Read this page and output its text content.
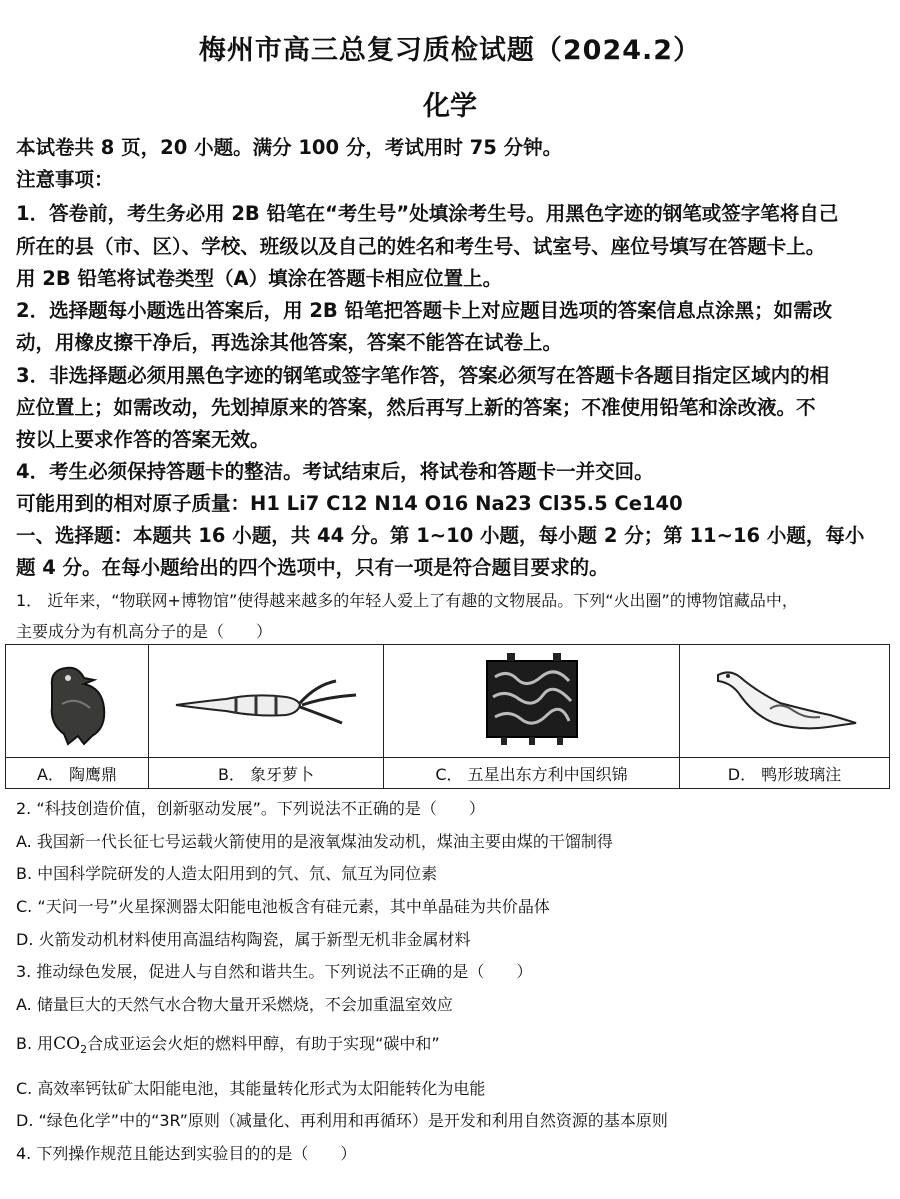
梅州市高三总复习质检试题（2024.2）
化学
本试卷共 8 页，20 小题。满分 100 分，考试用时 75 分钟。
注意事项：
1．答卷前，考生务必用 2B 铅笔在“考生号”处填涂考生号。用黑色字迹的钢笔或签字笔将自己
所在的县（市、区）、学校、班级以及自己的姓名和考生号、试室号、座位号填写在答题卡上。
用 2B 铅笔将试卷类型（A）填涂在答题卡相应位置上。
2．选择题每小题选出答案后，用 2B 铅笔把答题卡上对应题目选项的答案信息点涂黑；如需改
动，用橡皮擦干净后，再选涂其他答案，答案不能答在试卷上。
3．非选择题必须用黑色字迹的钢笔或签字笔作答，答案必须写在答题卡各题目指定区域内的相
应位置上；如需改动，先划掉原来的答案，然后再写上新的答案；不准使用铅笔和涂改液。不
按以上要求作答的答案无效。
4．考生必须保持答题卡的整洁。考试结束后，将试卷和答题卡一并交回。
可能用到的相对原子质量：H1 Li7 C12 N14 O16 Na23 Cl35.5 Ce140
一、选择题：本题共 16 小题，共 44 分。第 1~10 小题，每小题 2 分；第 11~16 小题，每小
题 4 分。在每小题给出的四个选项中，只有一项是符合题目要求的。
1． 近年来，“物联网+博物馆”使得越来越多的年轻人爱上了有趣的文物展品。下列“火出圈”的博物馆藏品中，
主要成分为有机高分子的是（　　）

A． 陶鹰鼎	B． 象牙萝卜	C． 五星出东方利中国织锦	D． 鸭形玻璃注
2. “科技创造价值，创新驱动发展”。下列说法不正确的是（　　）
A. 我国新一代长征七号运载火箭使用的是液氧煤油发动机，煤油主要由煤的干馏制得
B. 中国科学院研发的人造太阳用到的氕、氘、氚互为同位素
C. “天问一号”火星探测器太阳能电池板含有硅元素，其中单晶硅为共价晶体
D. 火箭发动机材料使用高温结构陶瓷，属于新型无机非金属材料
3. 推动绿色发展，促进人与自然和谐共生。下列说法不正确的是（　　）
A. 储量巨大的天然气水合物大量开采燃烧，不会加重温室效应
B. 用$CO_2$合成亚运会火炬的燃料甲醇，有助于实现“碳中和”
C. 高效率钙钛矿太阳能电池，其能量转化形式为太阳能转化为电能
D. “绿色化学”中的“3R”原则（减量化、再利用和再循环）是开发和利用自然资源的基本原则
4. 下列操作规范且能达到实验目的的是（　　）
